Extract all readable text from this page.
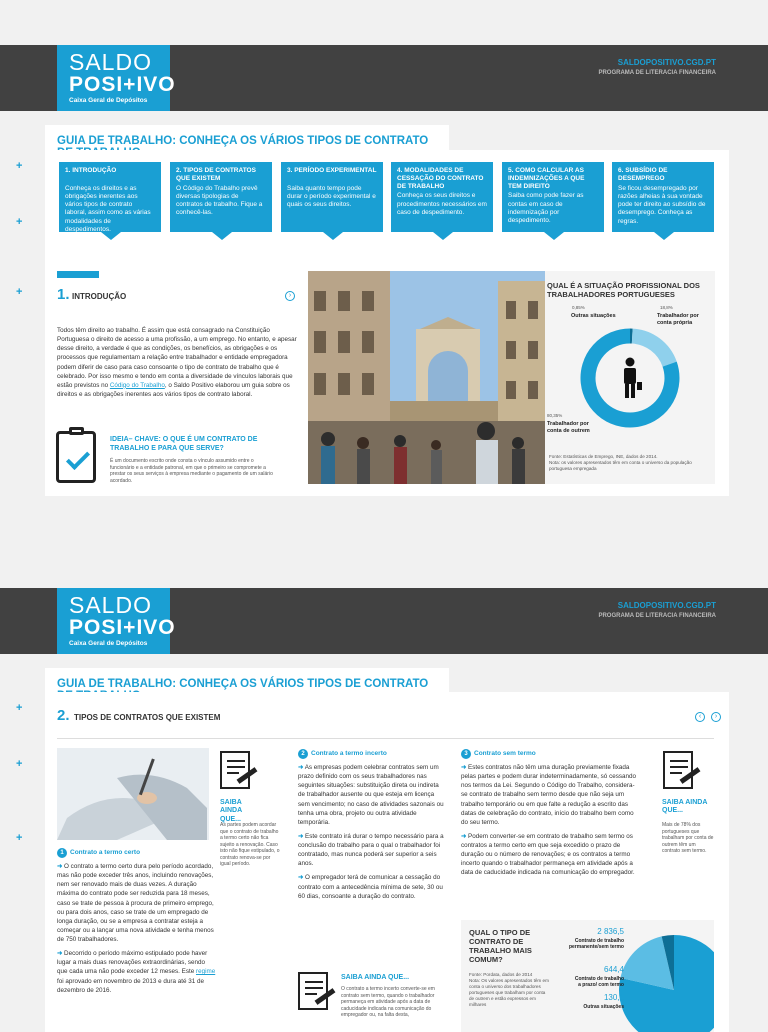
SALDO
POSI+IVO
Caixa Geral de Depósitos
SALDOPOSITIVO.CGD.PT
PROGRAMA DE LITERACIA FINANCEIRA
GUIA DE TRABALHO: CONHEÇA OS VÁRIOS TIPOS DE CONTRATO
+
+
+
1. INTRODUÇÃO
Conheça os direitos e as obrigações inerentes aos vários tipos de contrato laboral, assim como as várias modalidades de despedimentos.
2. TIPOS DE CONTRATOS QUE EXISTEM
O Código do Trabalho prevê diversas tipologias de contratos de trabalho. Fique a conhecê-las.
3. PERÍODO EXPERIMENTAL
Saiba quanto tempo pode durar o período experimental e quais os seus direitos.
4. MODALIDADES DE CESSAÇÃO DO CONTRATO DE TRABALHO
Conheça os seus direitos e procedimentos necessários em caso de despedimento.
5. COMO CALCULAR AS INDEMNIZAÇÕES A QUE TEM DIREITO
Saiba como pode fazer as contas em caso de indemnização por despedimento.
6. SUBSÍDIO DE DESEMPREGO
Se ficou desempregado por razões alheias à sua vontade pode ter direito ao subsídio de desemprego. Conheça as regras.
1. INTRODUÇÃO	›
Todos têm direito ao trabalho. É assim que está consagrado na Constituição Portuguesa o direito de acesso a uma profissão, a um emprego. No entanto, e apesar desse direito, a verdade é que as condições, os benefícios, as obrigações e os processos que regulamentam a relação entre trabalhador e entidade empregadora podem diferir de caso para caso consoante o tipo de contrato de trabalho que é celebrado. Por isso mesmo e tendo em conta a diversidade de vínculos laborais que estão previstos no Código do Trabalho, o Saldo Positivo elaborou um guia sobre os direitos e as obrigações inerentes aos vários tipos de contrato laboral.
IDEIA– CHAVE: O QUE É UM CONTRATO DE TRABALHO E PARA QUE SERVE?
É um documento escrito onde consta o vínculo assumido entre o funcionário e a entidade patronal, em que o primeiro se compromete a prestar os seus serviços à empresa mediante o pagamento de um salário acordado.
QUAL É A SITUAÇÃO PROFISSIONAL DOS TRABALHADORES PORTUGUESES
0,85%
Outras situações
18,8%
Trabalhador por conta própria
80,35%
Trabalhador por conta de outrem
Fonte: Estatísticas de Emprego, INE, dados de 2014.
Nota: os valores apresentados têm em conta o universo da população portuguesa empregada
SALDO
POSI+IVO
Caixa Geral de Depósitos
SALDOPOSITIVO.CGD.PT
PROGRAMA DE LITERACIA FINANCEIRA
GUIA DE TRABALHO: CONHEÇA OS VÁRIOS TIPOS DE CONTRATO
+
+
+
2. TIPOS DE CONTRATOS QUE EXISTEM	‹	›
SAIBA AINDA QUE...
As partes podem acordar que o contrato de trabalho a termo certo não fica sujeito a renovação. Caso isto não fique estipulado, o contrato renova-se por igual período.
1 Contrato a termo certo

➜ O contrato a termo certo dura pelo período acordado, mas não pode exceder três anos, incluindo renovações, nem ser renovado mais de duas vezes. A duração máxima do contrato pode ser reduzida para 18 meses, caso se trate de pessoa à procura de primeiro emprego, ou para dois anos, caso se trate de um empregado de longa duração, ou se a empresa a contratar esteja a começar ou a lançar uma nova atividade e tenha menos de 750 trabalhadores.

➜ Decorrido o período máximo estipulado pode haver lugar a mais duas renovações extraordinárias, sendo que cada uma não pode exceder 12 meses. Este regime foi aprovado em novembro de 2013 e dura até 31 de dezembro de 2016.

2 Contrato a termo incerto

➜ As empresas podem celebrar contratos sem um prazo definido com os seus trabalhadores nas seguintes situações: substituição direta ou indireta de trabalhador ausente ou que esteja em licença sem vencimento; no caso de atividades sazonais ou tenha uma obra, projeto ou outra atividade temporária.

➜ Este contrato irá durar o tempo necessário para a conclusão do trabalho para o qual o trabalhador foi contratado, mas nunca poderá ser superior a seis anos.

➜ O empregador terá de comunicar a cessação do contrato com a antecedência mínima de sete, 30 ou 60 dias, consoante a duração do contrato.

SAIBA AINDA QUE...
O contrato a termo incerto converte-se em contrato sem termo, quando o trabalhador permaneça em atividade após a data de caducidade indicada na comunicação do empregador ou, na falta desta,
3 Contrato sem termo

➜ Estes contratos não têm uma duração previamente fixada pelas partes e podem durar indeterminadamente, só cessando nos termos da Lei. Segundo o Código do Trabalho, considera-se contrato de trabalho sem termo desde que não seja um trabalho temporário ou em que falte a redução a escrito das datas de celebração do contrato, início do trabalho bem como do seu termo.

➜ Podem converter-se em contrato de trabalho sem termo os contratos a termo certo em que seja excedido o prazo de duração ou o número de renovações; e os contratos a termo incerto quando o trabalhador permaneça em atividade após a data de caducidade indicada na comunicação do empregador.

SAIBA AINDA QUE...
Mais de 78% dos portugueses que trabalham por conta de outrem têm um contrato sem termo.
QUAL O TIPO DE CONTRATO DE TRABALHO MAIS COMUM?
Fonte: Pordata, dados de 2014
Nota: Os valores apresentados têm em conta o universo dos trabalhadores portugueses que trabalham por conta de outrem e estão expressos em milhares
2 836,5
Contrato de trabalho
permanente/sem termo
644,4
Contrato de trabalho
a prazo/ com termo
130,1
Outras situações
